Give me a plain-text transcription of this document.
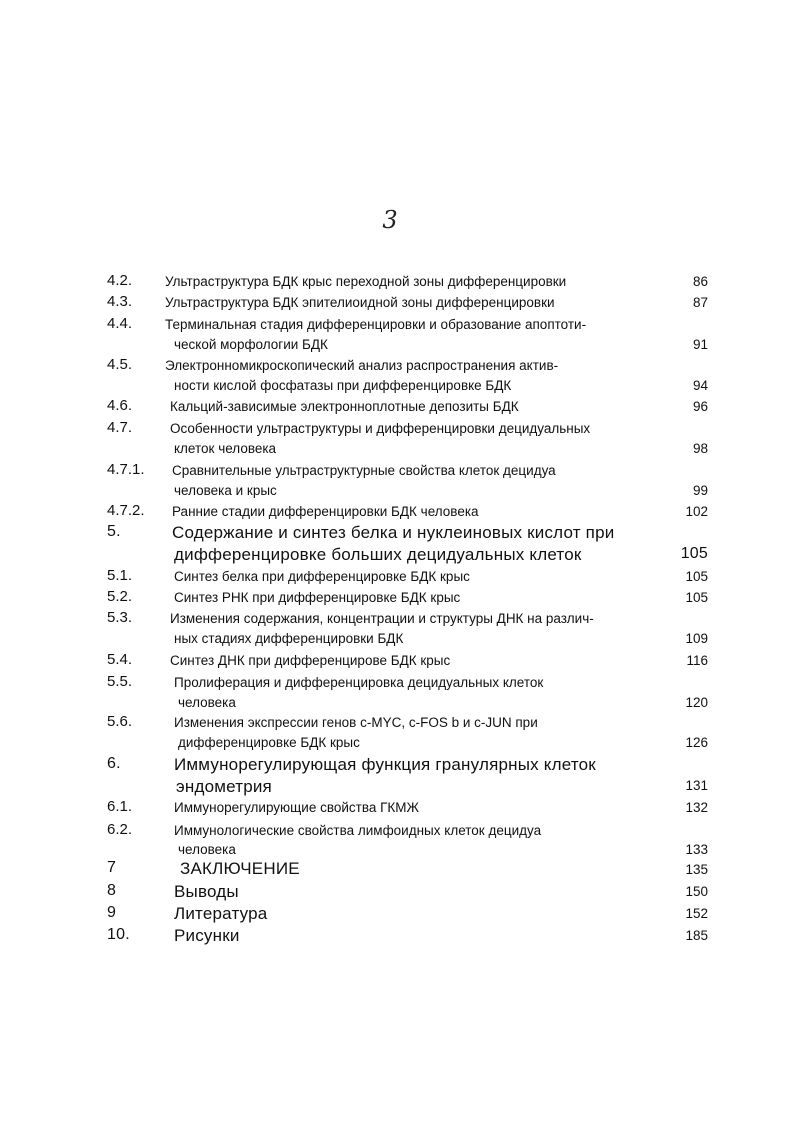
3
4.2. Ультраструктура БДК крыс переходной зоны дифференцировки	86
4.3. Ультраструктура БДК эпителиоидной зоны дифференцировки	87
4.4. Терминальная стадия дифференцировки и образование апоптоти-
ческой морфологии БДК	91
4.5. Электронномикроскопический анализ распространения актив-
ности кислой фосфатазы при дифференцировке БДК	94
4.6.	Кальций-зависимые электронноплотные депозиты БДК	96
4.7.	Особенности ультраструктуры и дифференцировки децидуальных
клеток человека	98
4.7.1. Сравнительные ультраструктурные свойства клеток децидуа
человека и крыс	99
4.7.2. Ранние стадии дифференцировки БДК человека	102
5.	Содержание и синтез белка и нуклеиновых кислот при
дифференцировке больших децидуальных клеток	105
5.1.	Синтез белка при дифференцировке БДК крыс	105
5.2.	Синтез РНК при дифференцировке БДК крыс	105
5.3.	Изменения содержания, концентрации и структуры ДНК на различ-
ных стадиях дифференцировки БДК	109
5.4.	Синтез ДНК при дифференцирове БДК крыс	116
5.5.	Пролиферация и дифференцировка децидуальных клеток
человека	120
5.6.	Изменения экспрессии генов c-MYC, c-FOS b и c-JUN при
дифференцировке БДК крыс	126
6.	Иммунорегулирующая функция гранулярных клеток
эндометрия	131
6.1.	Иммунорегулирующие свойства ГКМЖ	132
6.2.	Иммунологические свойства лимфоидных клеток децидуа
человека	133
7	ЗАКЛЮЧЕНИЕ	135
8	Выводы	150
9	Литература	152
10.	Рисунки	185
